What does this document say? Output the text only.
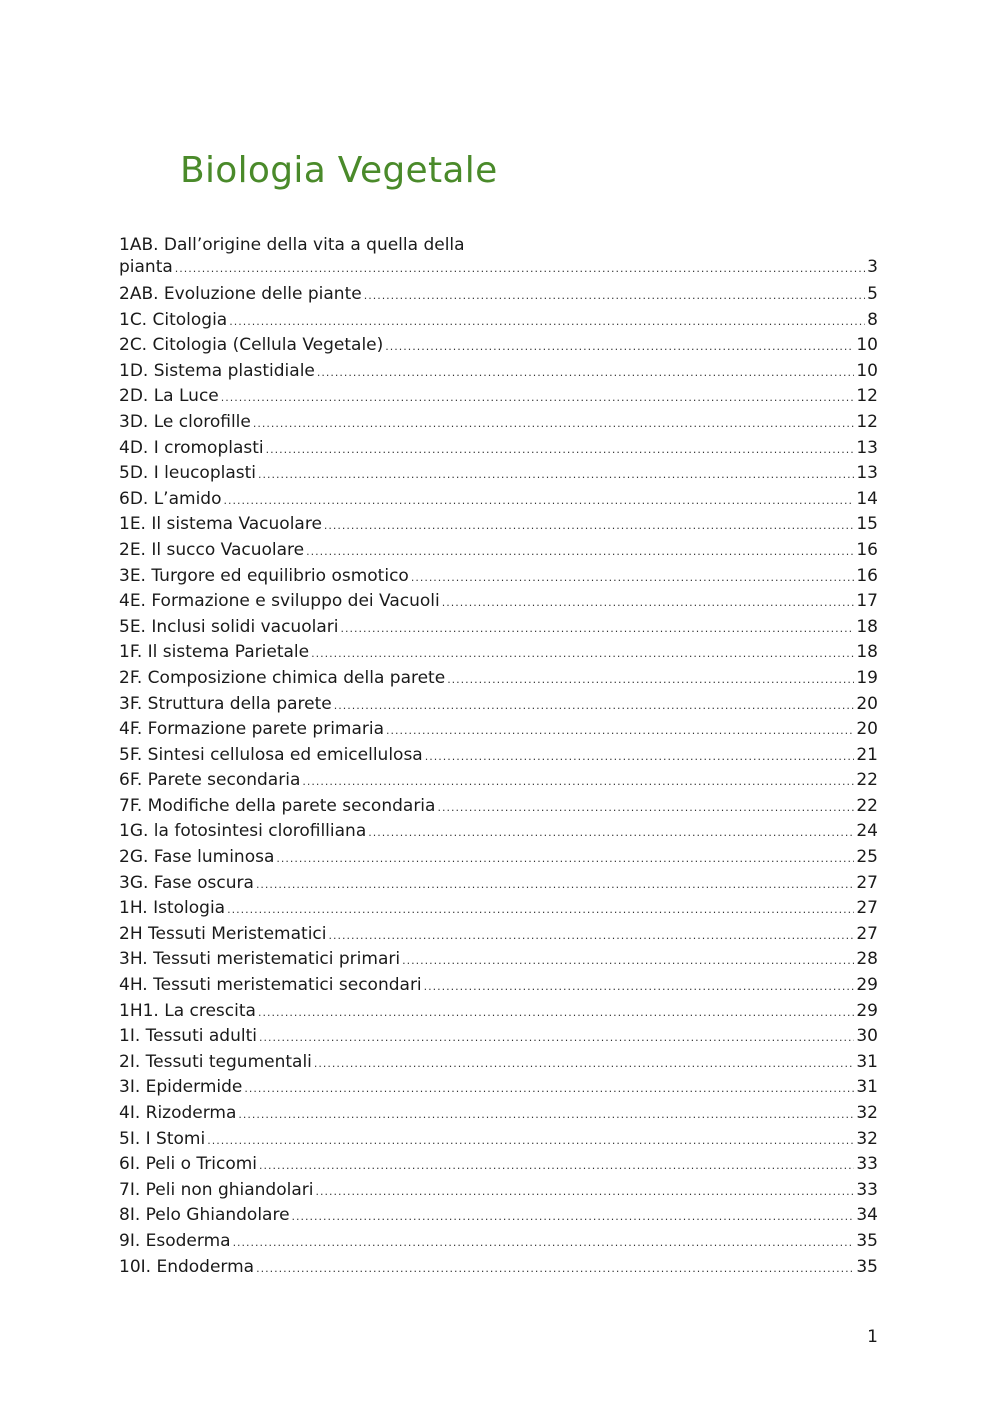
Biologia Vegetale
1AB. Dall’origine della vita a quella della
pianta .....	3
2AB. Evoluzione delle piante .....	5
1C. Citologia .....	8
2C. Citologia (Cellula Vegetale) .....	10
1D. Sistema plastidiale .....	10
2D. La Luce .....	12
3D. Le clorofille .....	12
4D. I cromoplasti .....	13
5D. I leucoplasti .....	13
6D. L’amido .....	14
1E. Il sistema Vacuolare .....	15
2E. Il succo Vacuolare .....	16
3E. Turgore ed equilibrio osmotico .....	16
4E. Formazione e sviluppo dei Vacuoli .....	17
5E. Inclusi solidi vacuolari .....	18
1F. Il sistema Parietale .....	18
2F. Composizione chimica della parete .....	19
3F. Struttura della parete .....	20
4F. Formazione parete primaria .....	20
5F. Sintesi cellulosa ed emicellulosa .....	21
6F. Parete secondaria .....	22
7F. Modifiche della parete secondaria .....	22
1G. la fotosintesi clorofilliana .....	24
2G. Fase luminosa .....	25
3G. Fase oscura .....	27
1H. Istologia .....	27
2H Tessuti Meristematici .....	27
3H. Tessuti meristematici primari .....	28
4H. Tessuti meristematici secondari .....	29
1H1. La crescita .....	29
1I. Tessuti adulti .....	30
2I. Tessuti tegumentali .....	31
3I. Epidermide .....	31
4I. Rizoderma .....	32
5I. I Stomi .....	32
6I. Peli o Tricomi .....	33
7I. Peli non ghiandolari .....	33
8I. Pelo Ghiandolare .....	34
9I. Esoderma .....	35
10I. Endoderma .....	35
1
